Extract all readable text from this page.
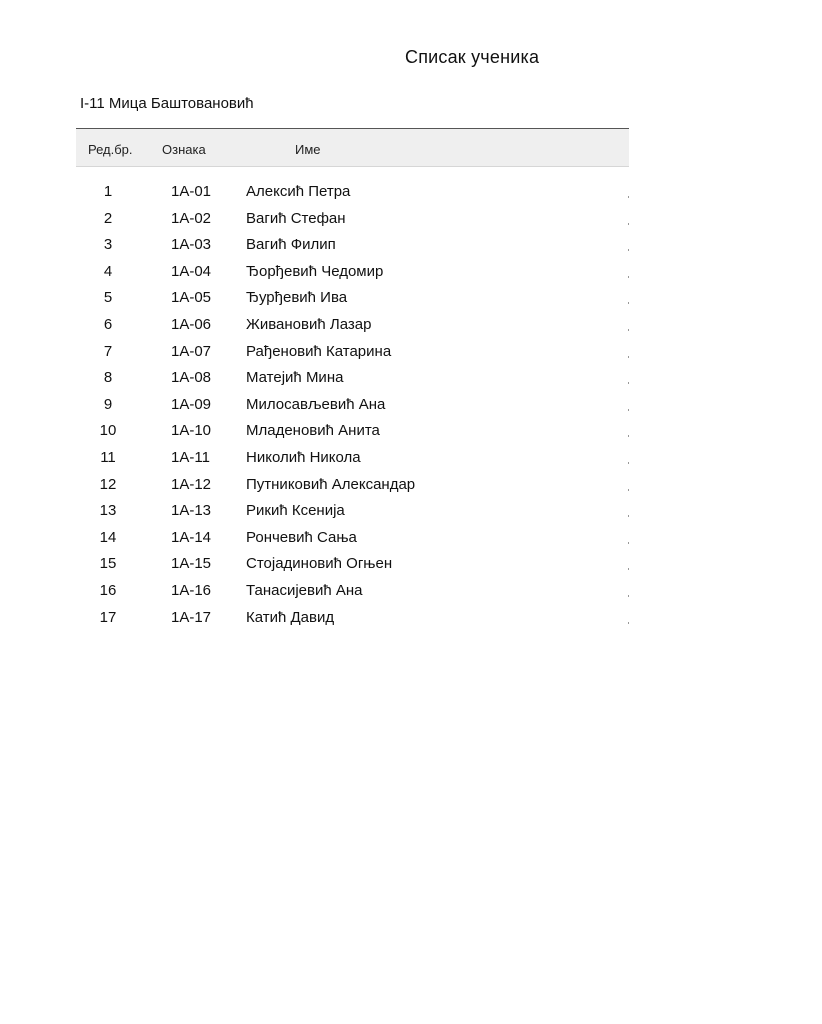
Списак ученика
I-11 Мица Баштовановић
Ред.бр. Ознака	Име
1	1A-01 Алексић Петра
2	1A-02 Вагић Стефан
3	1A-03 Вагић Филип
4	1A-04 Ђорђевић Чедомир
5	1A-05 Ђурђевић Ива
6	1A-06 Живановић Лазар
7	1A-07 Рађеновић Катарина
8	1A-08 Матејић Мина
9	1A-09 Милосављевић Ана
10	1A-10 Младеновић Анита
11	1A-11 Николић Никола
12	1A-12 Путниковић Александар
13	1A-13 Рикић Ксенија
14	1A-14 Рончевић Сања
15	1A-15 Стојадиновић Огњен
16	1A-16 Танасијевић Ана
17	1A-17 Катић Давид
